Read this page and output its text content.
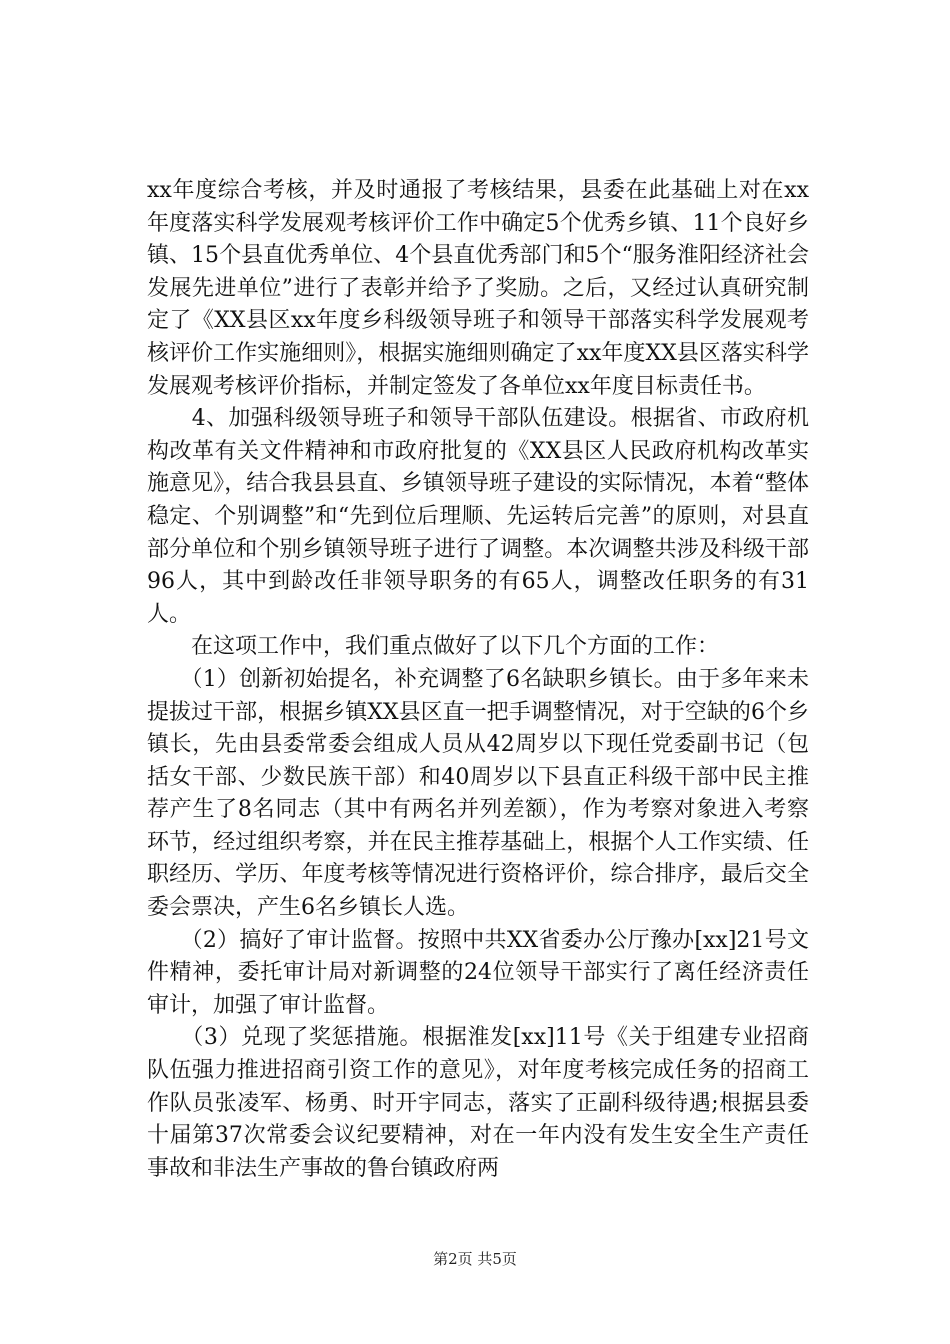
xx年度综合考核，并及时通报了考核结果，县委在此基础上对在xx年度落实科学发展观考核评价工作中确定5个优秀乡镇、11个良好乡镇、15个县直优秀单位、4个县直优秀部门和5个“服务淮阳经济社会发展先进单位”进行了表彰并给予了奖励。之后，又经过认真研究制定了《XX县区xx年度乡科级领导班子和领导干部落实科学发展观考核评价工作实施细则》，根据实施细则确定了xx年度XX县区落实科学发展观考核评价指标，并制定签发了各单位xx年度目标责任书。

　　4、加强科级领导班子和领导干部队伍建设。根据省、市政府机构改革有关文件精神和市政府批复的《XX县区人民政府机构改革实施意见》，结合我县县直、乡镇领导班子建设的实际情况，本着“整体稳定、个别调整”和“先到位后理顺、先运转后完善”的原则，对县直部分单位和个别乡镇领导班子进行了调整。本次调整共涉及科级干部96人，其中到龄改任非领导职务的有65人，调整改任职务的有31人。

　　在这项工作中，我们重点做好了以下几个方面的工作：

　　（1）创新初始提名，补充调整了6名缺职乡镇长。由于多年来未提拔过干部，根据乡镇XX县区直一把手调整情况，对于空缺的6个乡镇长，先由县委常委会组成人员从42周岁以下现任党委副书记（包括女干部、少数民族干部）和40周岁以下县直正科级干部中民主推荐产生了8名同志（其中有两名并列差额），作为考察对象进入考察环节，经过组织考察，并在民主推荐基础上，根据个人工作实绩、任职经历、学历、年度考核等情况进行资格评价，综合排序，最后交全委会票决，产生6名乡镇长人选。

　　（2）搞好了审计监督。按照中共XX省委办公厅豫办[xx]21号文件精神，委托审计局对新调整的24位领导干部实行了离任经济责任审计，加强了审计监督。

　　（3）兑现了奖惩措施。根据淮发[xx]11号《关于组建专业招商队伍强力推进招商引资工作的意见》，对年度考核完成任务的招商工作队员张凌军、杨勇、时开宇同志，落实了正副科级待遇;根据县委十届第37次常委会议纪要精神，对在一年内没有发生安全生产责任事故和非法生产事故的鲁台镇政府两

第2页 共5页
